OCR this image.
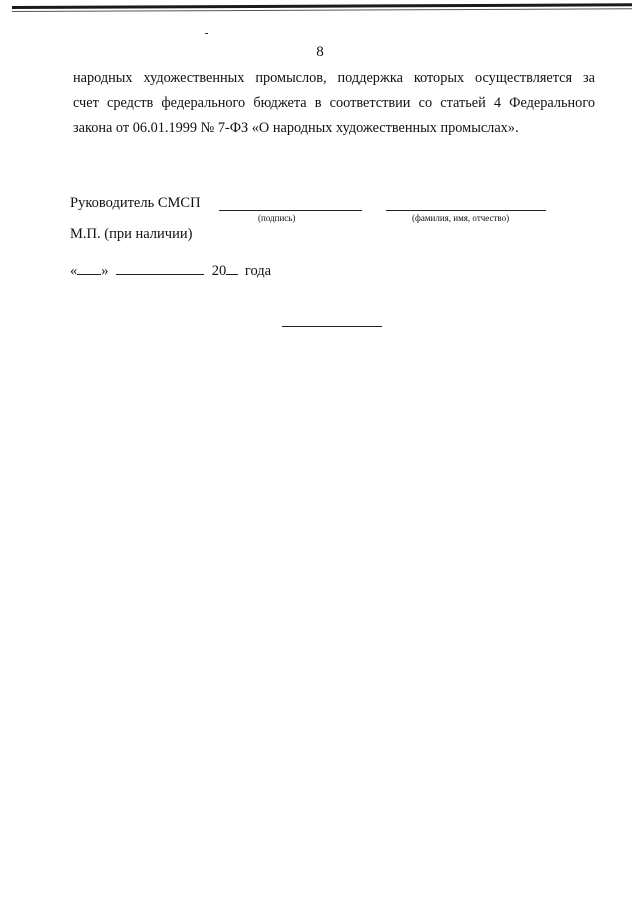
8
народных художественных промыслов, поддержка которых осуществляется за
счет средств федерального бюджета в соответствии со статьей 4 Федерального
закона от 06.01.1999 № 7-ФЗ «О народных художественных промыслах».
Руководитель СМСП
(подпись)	(фамилия, имя, отчество)
М.П. (при наличии)
« »	20 года
